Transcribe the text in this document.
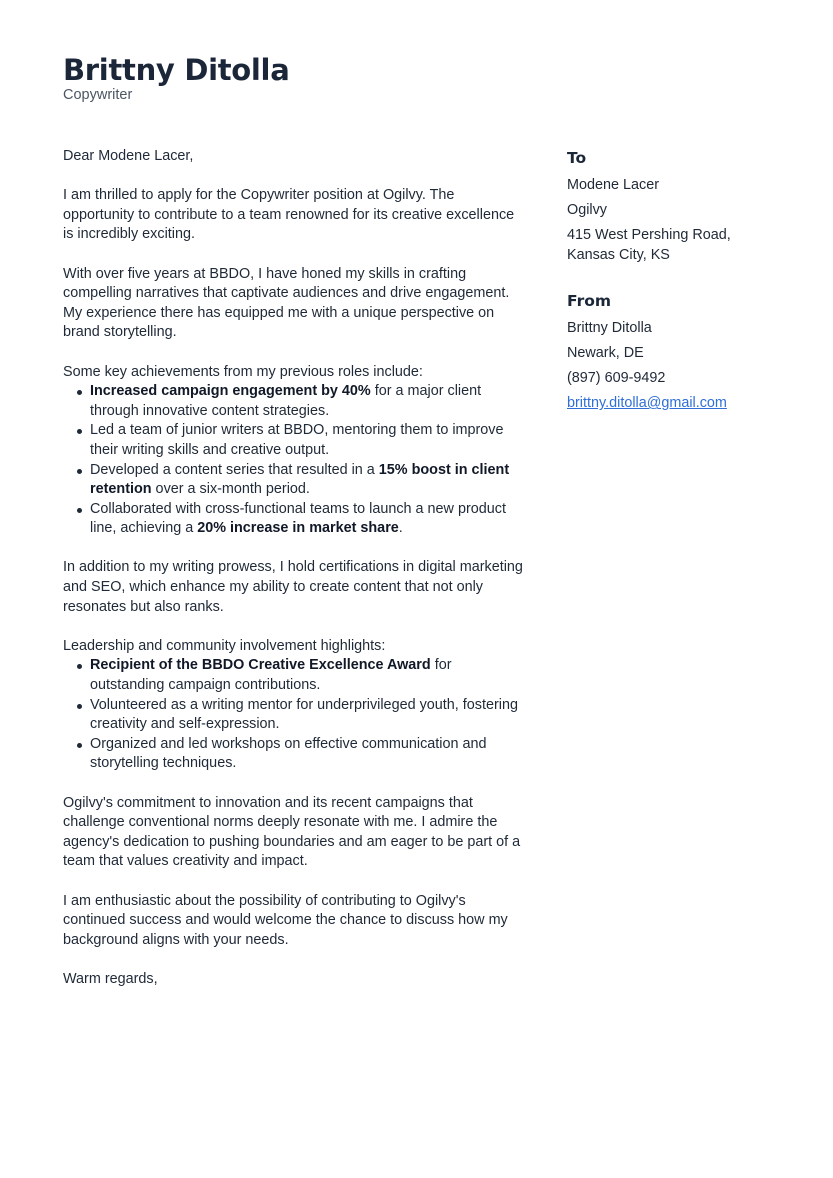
Brittny Ditolla
Copywriter

Dear Modene Lacer,

I am thrilled to apply for the Copywriter position at Ogilvy. The opportunity to contribute to a team renowned for its creative excellence is incredibly exciting.

With over five years at BBDO, I have honed my skills in crafting compelling narratives that captivate audiences and drive engagement. My experience there has equipped me with a unique perspective on brand storytelling.

Some key achievements from my previous roles include:

Increased campaign engagement by 40% for a major client through innovative content strategies.
Led a team of junior writers at BBDO, mentoring them to improve their writing skills and creative output.
Developed a content series that resulted in a 15% boost in client retention over a six-month period.
Collaborated with cross-functional teams to launch a new product line, achieving a 20% increase in market share.

In addition to my writing prowess, I hold certifications in digital marketing and SEO, which enhance my ability to create content that not only resonates but also ranks.

Leadership and community involvement highlights:

Recipient of the BBDO Creative Excellence Award for outstanding campaign contributions.
Volunteered as a writing mentor for underprivileged youth, fostering creativity and self-expression.
Organized and led workshops on effective communication and storytelling techniques.

Ogilvy's commitment to innovation and its recent campaigns that challenge conventional norms deeply resonate with me. I admire the agency's dedication to pushing boundaries and am eager to be part of a team that values creativity and impact.

I am enthusiastic about the possibility of contributing to Ogilvy's continued success and would welcome the chance to discuss how my background aligns with your needs.

Warm regards,

To
Modene Lacer
Ogilvy
415 West Pershing Road, Kansas City, KS
From
Brittny Ditolla
Newark, DE
(897) 609-9492
brittny.ditolla@gmail.com
